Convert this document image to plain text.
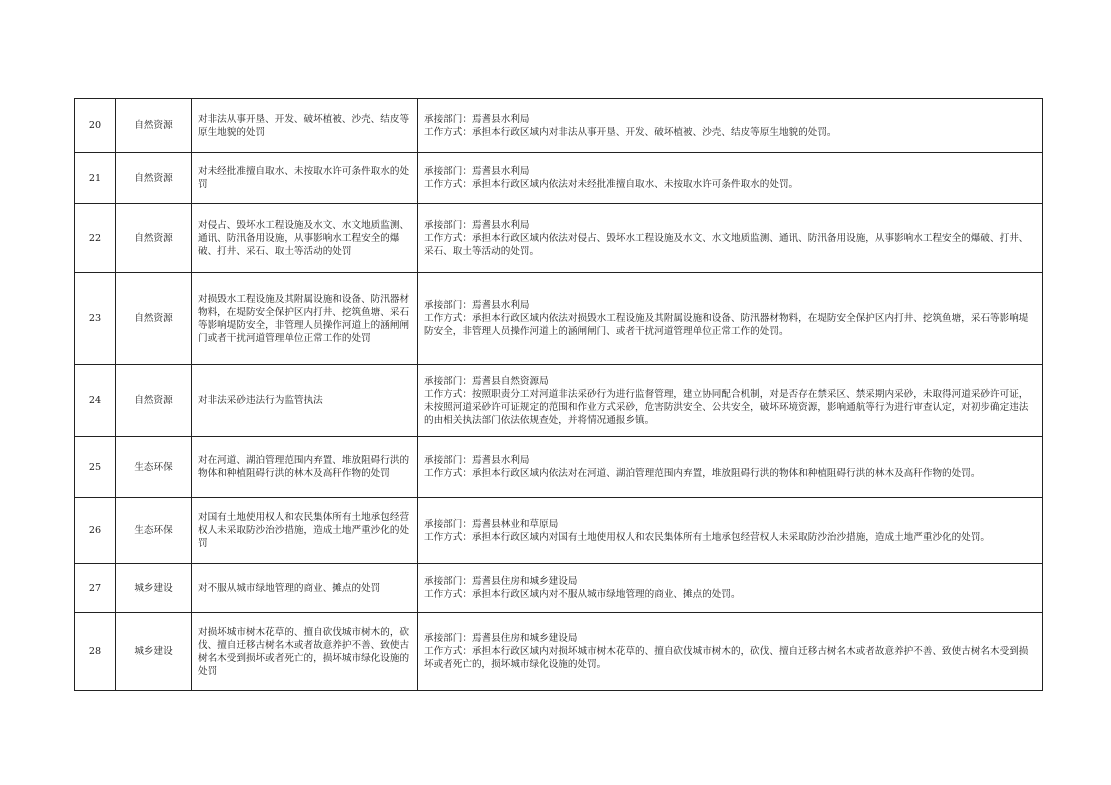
20	自然资源	对非法从事开垦、开发、破坏植被、沙壳、结皮等原生地貌的处罚	承接部门：焉耆县水利局
工作方式：承担本行政区域内对非法从事开垦、开发、破坏植被、沙壳、结皮等原生地貌的处罚。

21	自然资源	对未经批准擅自取水、未按取水许可条件取水的处罚	承接部门：焉耆县水利局
工作方式：承担本行政区域内依法对未经批准擅自取水、未按取水许可条件取水的处罚。

22	自然资源	对侵占、毁坏水工程设施及水文、水文地质监测、通讯、防汛备用设施，从事影响水工程安全的爆破、打井、采石、取土等活动的处罚	承接部门：焉耆县水利局
工作方式：承担本行政区域内依法对侵占、毁坏水工程设施及水文、水文地质监测、通讯、防汛备用设施，从事影响水工程安全的爆破、打井、采石、取土等活动的处罚。

23	自然资源	对损毁水工程设施及其附属设施和设备、防汛器材物料，在堤防安全保护区内打井、挖筑鱼塘、采石等影响堤防安全，非管理人员操作河道上的涵闸闸门或者干扰河道管理单位正常工作的处罚	承接部门：焉耆县水利局
工作方式：承担本行政区域内依法对损毁水工程设施及其附属设施和设备、防汛器材物料，在堤防安全保护区内打井、挖筑鱼塘，采石等影响堤防安全，非管理人员操作河道上的涵闸闸门、或者干扰河道管理单位正常工作的处罚。

24	自然资源	对非法采砂违法行为监管执法	承接部门：焉耆县自然资源局
工作方式：按照职责分工对河道非法采砂行为进行监督管理，建立协同配合机制，对是否存在禁采区、禁采期内采砂，未取得河道采砂许可证，未按照河道采砂许可证规定的范围和作业方式采砂，危害防洪安全、公共安全，破坏环境资源，影响通航等行为进行审查认定，对初步确定违法的由相关执法部门依法依规查处，并将情况通报乡镇。

25	生态环保	对在河道、湖泊管理范围内弃置、堆放阻碍行洪的物体和种植阻碍行洪的林木及高秆作物的处罚	承接部门：焉耆县水利局
工作方式：承担本行政区域内依法对在河道、湖泊管理范围内弃置，堆放阻碍行洪的物体和种植阻碍行洪的林木及高秆作物的处罚。

26	生态环保	对国有土地使用权人和农民集体所有土地承包经营权人未采取防沙治沙措施，造成土地严重沙化的处罚	承接部门：焉耆县林业和草原局
工作方式：承担本行政区域内对国有土地使用权人和农民集体所有土地承包经营权人未采取防沙治沙措施，造成土地严重沙化的处罚。

27	城乡建设	对不服从城市绿地管理的商业、摊点的处罚	承接部门：焉耆县住房和城乡建设局
工作方式：承担本行政区域内对不服从城市绿地管理的商业、摊点的处罚。

28	城乡建设	对损坏城市树木花草的、擅自砍伐城市树木的，砍伐、擅自迁移古树名木或者故意养护不善、致使古树名木受到损坏或者死亡的，损坏城市绿化设施的处罚	承接部门：焉耆县住房和城乡建设局
工作方式：承担本行政区域内对损坏城市树木花草的、擅自砍伐城市树木的，砍伐、擅自迁移古树名木或者故意养护不善、致使古树名木受到损坏或者死亡的，损坏城市绿化设施的处罚。
